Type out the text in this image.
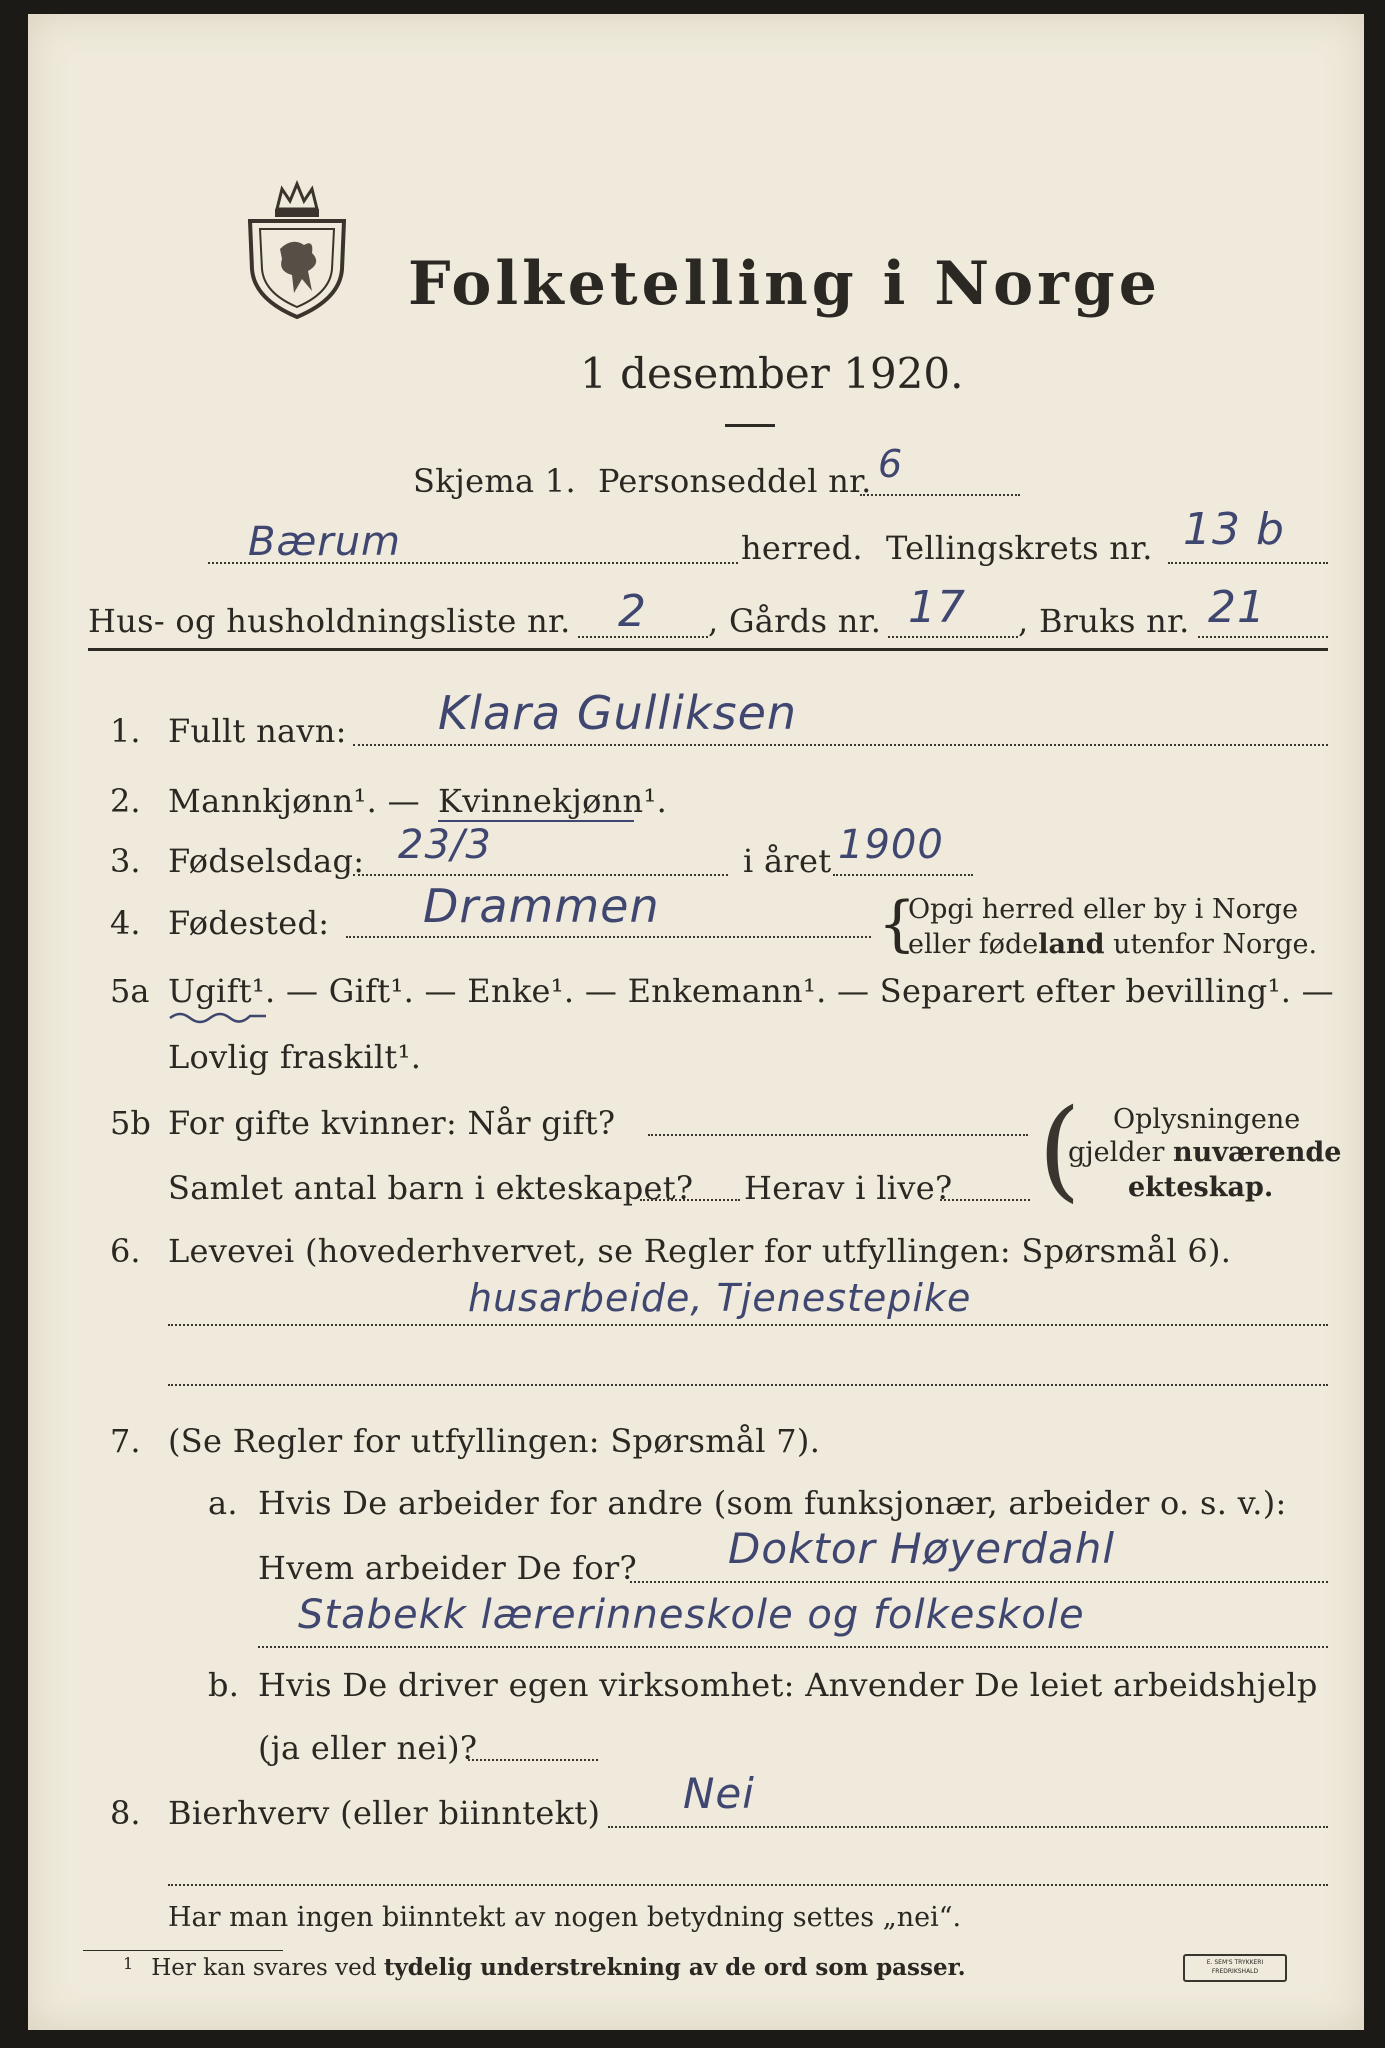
Folketelling i Norge
1 desember 1920.
Skjema 1. Personseddel nr. 6
Bærum	herred. Tellingskrets nr. 13 b
Hus- og husholdningsliste nr. 2 , Gårds nr. 17 , Bruks nr. 21
1. Fullt navn: Klara Gulliksen
2. Mannkjønn¹. — Kvinnekjønn¹.
3. Fødselsdag: 23/3	i året 1900
4. Fødested: Drammen	{
Opgi herred eller by i Norge
eller fødeland utenfor Norge.
5a Ugift¹. — Gift¹. — Enke¹. — Enkemann¹. — Separert efter bevilling¹. —
Lovlig fraskilt¹.
5b For gifte kvinner: Når gift?
Samlet antal barn i ekteskapet? Herav i live? ( Oplysningene
gjelder nuværende
ekteskap.
6. Levevei (hovederhvervet, se Regler for utfyllingen: Spørsmål 6).
husarbeide, Tjenestepike
7. (Se Regler for utfyllingen: Spørsmål 7).
a. Hvis De arbeider for andre (som funksjonær, arbeider o. s. v.):
Hvem arbeider De for? Doktor Høyerdahl
Stabekk lærerinneskole og folkeskole
b. Hvis De driver egen virksomhet: Anvender De leiet arbeidshjelp
(ja eller nei)?
8. Bierhverv (eller biinntekt) Nei
Har man ingen biinntekt av nogen betydning settes „nei“.
$^1$ Her kan svares ved tydelig understrekning av de ord som passer.	E. SEM'S TRYKKERI FREDRIKSHALD
